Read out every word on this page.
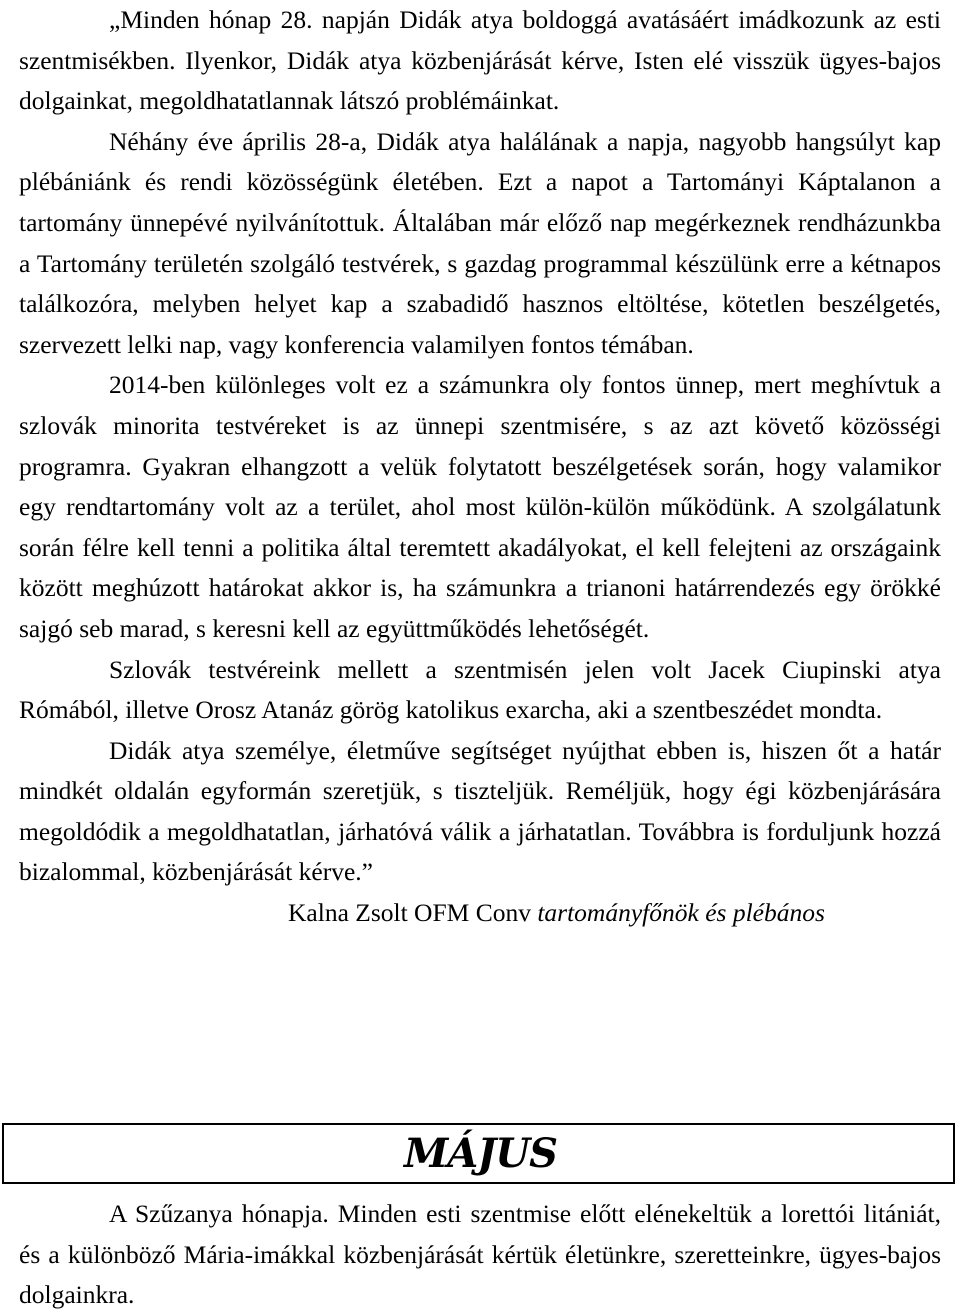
„Minden hónap 28. napján Didák atya boldoggá avatásáért imádkozunk az esti szentmisékben. Ilyenkor, Didák atya közbenjárását kérve, Isten elé visszük ügyes-bajos dolgainkat, megoldhatatlannak látszó problémáinkat.

Néhány éve április 28-a, Didák atya halálának a napja, nagyobb hangsúlyt kap plébániánk és rendi közösségünk életében. Ezt a napot a Tartományi Káptalanon a tartomány ünnepévé nyilvánítottuk. Általában már előző nap megérkeznek rendházunkba a Tartomány területén szolgáló testvérek, s gazdag programmal készülünk erre a kétnapos találkozóra, melyben helyet kap a szabadidő hasznos eltöltése, kötetlen beszélgetés, szervezett lelki nap, vagy konferencia valamilyen fontos témában.

2014-ben különleges volt ez a számunkra oly fontos ünnep, mert meghívtuk a szlovák minorita testvéreket is az ünnepi szentmisére, s az azt követő közösségi programra. Gyakran elhangzott a velük folytatott beszélgetések során, hogy valamikor egy rendtartomány volt az a terület, ahol most külön-külön működünk. A szolgálatunk során félre kell tenni a politika által teremtett akadályokat, el kell felejteni az országaink között meghúzott határokat akkor is, ha számunkra a trianoni határrendezés egy örökké sajgó seb marad, s keresni kell az együttműködés lehetőségét.

Szlovák testvéreink mellett a szentmisén jelen volt Jacek Ciupinski atya Rómából, illetve Orosz Atanáz görög katolikus exarcha, aki a szentbeszédet mondta.

Didák atya személye, életműve segítséget nyújthat ebben is, hiszen őt a határ mindkét oldalán egyformán szeretjük, s tiszteljük. Reméljük, hogy égi közbenjárására megoldódik a megoldhatatlan, járhatóvá válik a járhatatlan. Továbbra is forduljunk hozzá bizalommal, közbenjárását kérve.”

Kalna Zsolt OFM Conv tartományfőnök és plébános

MÁJUS

A Szűzanya hónapja. Minden esti szentmise előtt elénekeltük a lorettói litániát, és a különböző Mária-imákkal közbenjárását kértük életünkre, szeretteinkre, ügyes-bajos dolgainkra.
